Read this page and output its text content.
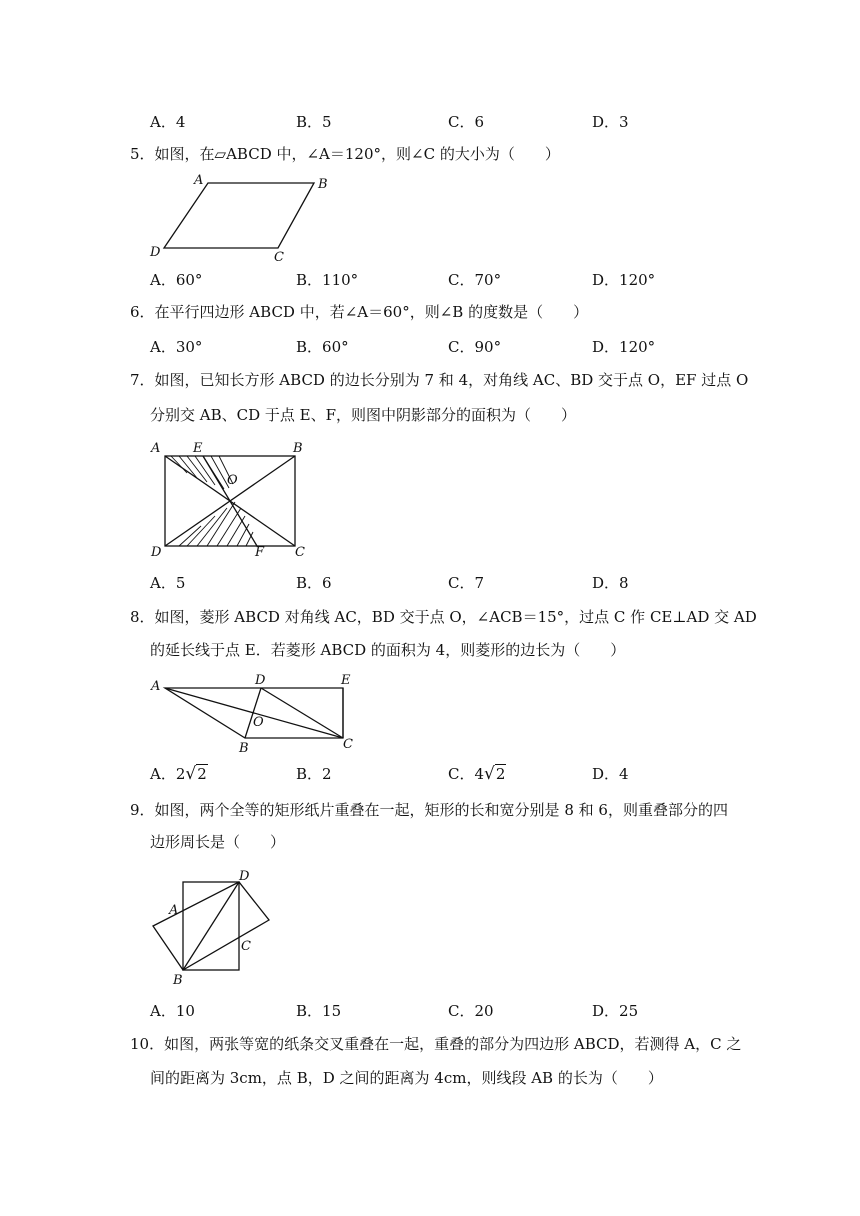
A．4	B．5	C．6	D．3
5．如图，在▱ABCD 中，∠A＝120°，则∠C 的大小为（　　）
A	B
C
D
A．60°	B．110°	C．70°	D．120°
6．在平行四边形 ABCD 中，若∠A＝60°，则∠B 的度数是（　　）
A．30°	B．60°	C．90°	D．120°
7．如图，已知长方形 ABCD 的边长分别为 7 和 4，对角线 AC、BD 交于点 O，EF 过点 O
分别交 AB、CD 于点 E、F，则图中阴影部分的面积为（　　）
A	E	B
O
D	F C
A．5	B．6	C．7	D．8
8．如图，菱形 ABCD 对角线 AC，BD 交于点 O，∠ACB＝15°，过点 C 作 CE⊥AD 交 AD
的延长线于点 E．若菱形 ABCD 的面积为 4，则菱形的边长为（　　）
A	D	E
O
B	C
A．2√2	B．2	C．4√2	D．4
9．如图，两个全等的矩形纸片重叠在一起，矩形的长和宽分别是 8 和 6，则重叠部分的四
边形周长是（　　）
D
A
C
B
A．10	B．15	C．20	D．25
10．如图，两张等宽的纸条交叉重叠在一起，重叠的部分为四边形 ABCD，若测得 A，C 之
间的距离为 3cm，点 B，D 之间的距离为 4cm，则线段 AB 的长为（　　）
